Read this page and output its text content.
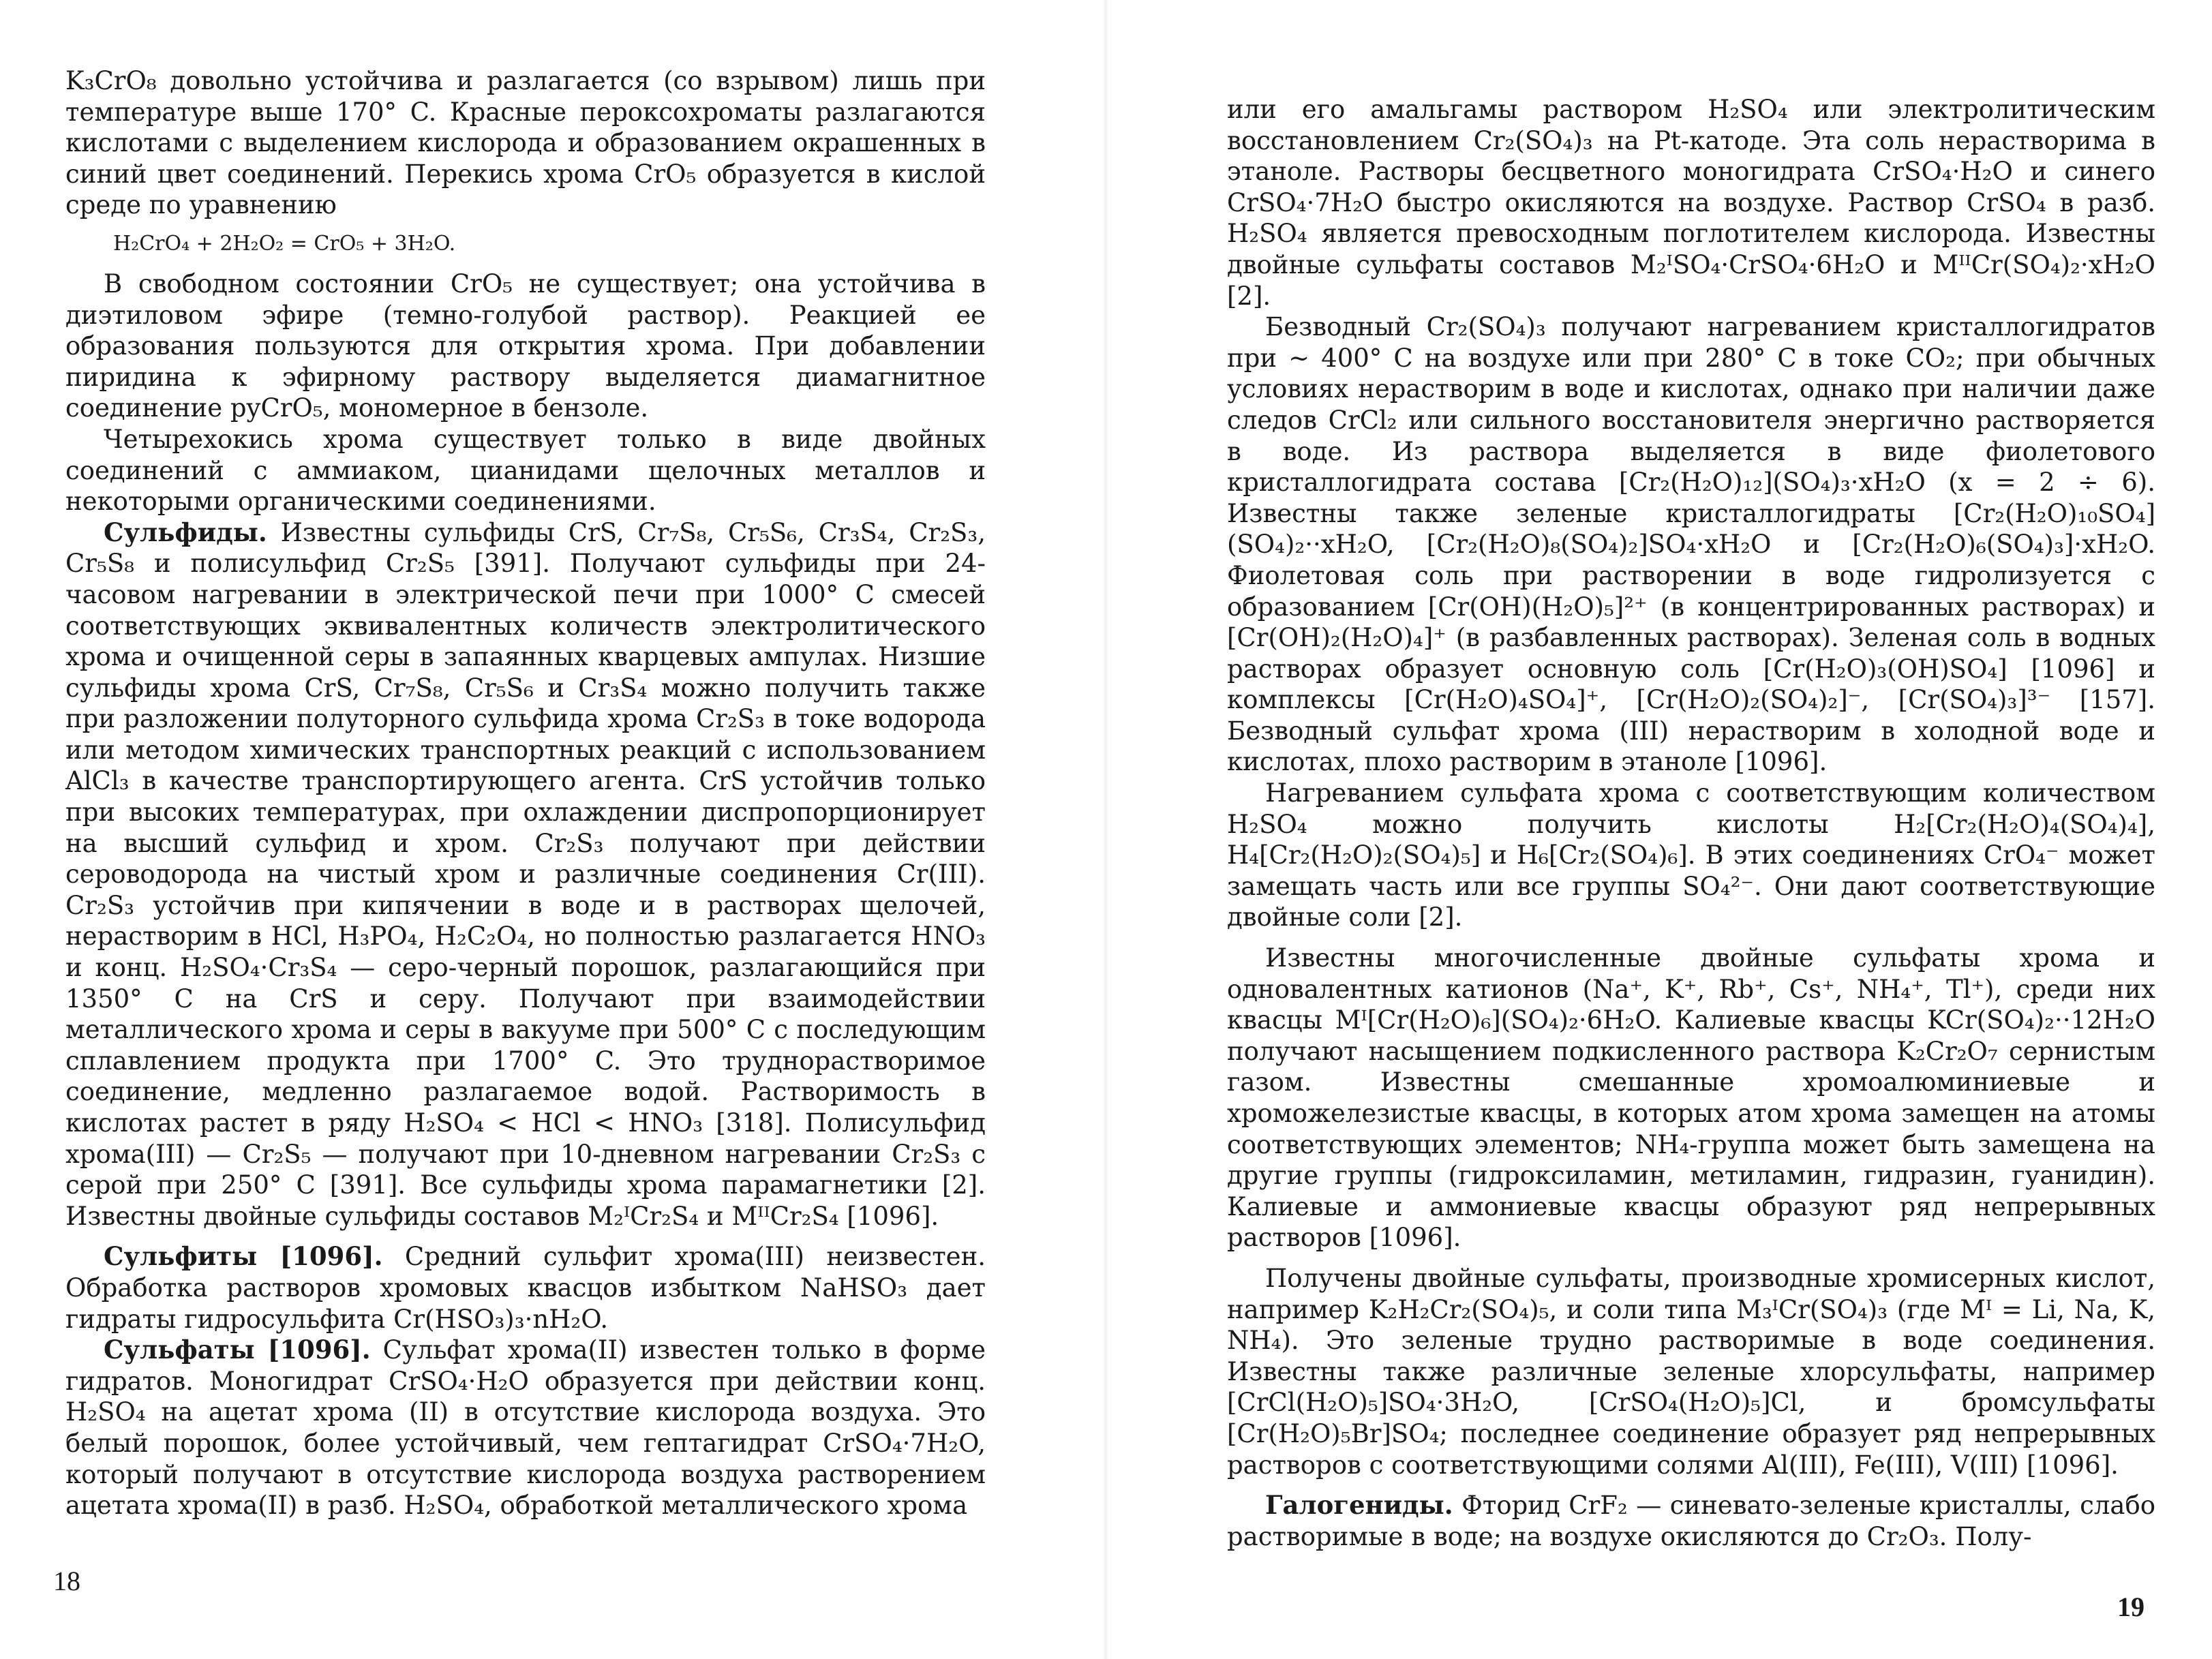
K₃CrO₈ довольно устойчива и разлагается (со взрывом) лишь при температуре выше 170° C. Красные пероксохроматы разлагаются кислотами с выделением кислорода и образованием окрашенных в синий цвет соединений. Перекись хрома CrO₅ образуется в кислой среде по уравнению

H₂CrO₄ + 2H₂O₂ = CrO₅ + 3H₂O.

В свободном состоянии CrO₅ не существует; она устойчива в диэтиловом эфире (темно-голубой раствор). Реакцией ее образования пользуются для открытия хрома. При добавлении пиридина к эфирному раствору выделяется диамагнитное соединение pyCrO₅, мономерное в бензоле.

Четырехокись хрома существует только в виде двойных соединений с аммиаком, цианидами щелочных металлов и некоторыми органическими соединениями.

Сульфиды. Известны сульфиды CrS, Cr₇S₈, Cr₅S₆, Cr₃S₄, Cr₂S₃, Cr₅S₈ и полисульфид Cr₂S₅ [391]. Получают сульфиды при 24-часовом нагревании в электрической печи при 1000° C смесей соответствующих эквивалентных количеств электролитического хрома и очищенной серы в запаянных кварцевых ампулах. Низшие сульфиды хрома CrS, Cr₇S₈, Cr₅S₆ и Cr₃S₄ можно получить также при разложении полуторного сульфида хрома Cr₂S₃ в токе водорода или методом химических транспортных реакций с использованием AlCl₃ в качестве транспортирующего агента. CrS устойчив только при высоких температурах, при охлаждении диспропорционирует на высший сульфид и хром. Cr₂S₃ получают при действии сероводорода на чистый хром и различные соединения Cr(III). Cr₂S₃ устойчив при кипячении в воде и в растворах щелочей, нерастворим в HCl, H₃PO₄, H₂C₂O₄, но полностью разлагается HNO₃ и конц. H₂SO₄·Cr₃S₄ — серо-черный порошок, разлагающийся при 1350° C на CrS и серу. Получают при взаимодействии металлического хрома и серы в вакууме при 500° C с последующим сплавлением продукта при 1700° C. Это труднорастворимое соединение, медленно разлагаемое водой. Растворимость в кислотах растет в ряду H₂SO₄ < HCl < HNO₃ [318]. Полисульфид хрома(III) — Cr₂S₅ — получают при 10-дневном нагревании Cr₂S₃ с серой при 250° C [391]. Все сульфиды хрома парамагнетики [2]. Известны двойные сульфиды составов M₂ᴵCr₂S₄ и MᴵᴵCr₂S₄ [1096].

Сульфиты [1096]. Средний сульфит хрома(III) неизвестен. Обработка растворов хромовых квасцов избытком NaHSO₃ дает гидраты гидросульфита Cr(HSO₃)₃·nH₂O.

Сульфаты [1096]. Сульфат хрома(II) известен только в форме гидратов. Моногидрат CrSO₄·H₂O образуется при действии конц. H₂SO₄ на ацетат хрома (II) в отсутствие кислорода воздуха. Это белый порошок, более устойчивый, чем гептагидрат CrSO₄·7H₂O, который получают в отсутствие кислорода воздуха растворением ацетата хрома(II) в разб. H₂SO₄, обработкой металлического хрома

18

или его амальгамы раствором H₂SO₄ или электролитическим восстановлением Cr₂(SO₄)₃ на Pt-катоде. Эта соль нерастворима в этаноле. Растворы бесцветного моногидрата CrSO₄·H₂O и синего CrSO₄·7H₂O быстро окисляются на воздухе. Раствор CrSO₄ в разб. H₂SO₄ является превосходным поглотителем кислорода. Известны двойные сульфаты составов M₂ᴵSO₄·CrSO₄·6H₂O и MᴵᴵCr(SO₄)₂·xH₂O [2].

Безводный Cr₂(SO₄)₃ получают нагреванием кристаллогидратов при ~ 400° C на воздухе или при 280° C в токе CO₂; при обычных условиях нерастворим в воде и кислотах, однако при наличии даже следов CrCl₂ или сильного восстановителя энергично растворяется в воде. Из раствора выделяется в виде фиолетового кристаллогидрата состава [Cr₂(H₂O)₁₂](SO₄)₃·xH₂O (x = 2 ÷ 6). Известны также зеленые кристаллогидраты [Cr₂(H₂O)₁₀SO₄](SO₄)₂··xH₂O, [Cr₂(H₂O)₈(SO₄)₂]SO₄·xH₂O и [Cr₂(H₂O)₆(SO₄)₃]·xH₂O. Фиолетовая соль при растворении в воде гидролизуется с образованием [Cr(OH)(H₂O)₅]²⁺ (в концентрированных растворах) и [Cr(OH)₂(H₂O)₄]⁺ (в разбавленных растворах). Зеленая соль в водных растворах образует основную соль [Cr(H₂O)₃(OH)SO₄] [1096] и комплексы [Cr(H₂O)₄SO₄]⁺, [Cr(H₂O)₂(SO₄)₂]⁻, [Cr(SO₄)₃]³⁻ [157]. Безводный сульфат хрома (III) нерастворим в холодной воде и кислотах, плохо растворим в этаноле [1096].

Нагреванием сульфата хрома с соответствующим количеством H₂SO₄ можно получить кислоты H₂[Cr₂(H₂O)₄(SO₄)₄], H₄[Cr₂(H₂O)₂(SO₄)₅] и H₆[Cr₂(SO₄)₆]. В этих соединениях CrO₄⁻ может замещать часть или все группы SO₄²⁻. Они дают соответствующие двойные соли [2].

Известны многочисленные двойные сульфаты хрома и одновалентных катионов (Na⁺, K⁺, Rb⁺, Cs⁺, NH₄⁺, Tl⁺), среди них квасцы Mᴵ[Cr(H₂O)₆](SO₄)₂·6H₂O. Калиевые квасцы KCr(SO₄)₂··12H₂O получают насыщением подкисленного раствора K₂Cr₂O₇ сернистым газом. Известны смешанные хромоалюминиевые и хроможелезистые квасцы, в которых атом хрома замещен на атомы соответствующих элементов; NH₄-группа может быть замещена на другие группы (гидроксиламин, метиламин, гидразин, гуанидин). Калиевые и аммониевые квасцы образуют ряд непрерывных растворов [1096].

Получены двойные сульфаты, производные хромисерных кислот, например K₂H₂Cr₂(SO₄)₅, и соли типа M₃ᴵCr(SO₄)₃ (где Mᴵ = Li, Na, K, NH₄). Это зеленые трудно растворимые в воде соединения. Известны также различные зеленые хлорсульфаты, например [CrCl(H₂O)₅]SO₄·3H₂O, [CrSO₄(H₂O)₅]Cl, и бромсульфаты [Cr(H₂O)₅Br]SO₄; последнее соединение образует ряд непрерывных растворов с соответствующими солями Al(III), Fe(III), V(III) [1096].

Галогениды. Фторид CrF₂ — синевато-зеленые кристаллы, слабо растворимые в воде; на воздухе окисляются до Cr₂O₃. Полу-

19
